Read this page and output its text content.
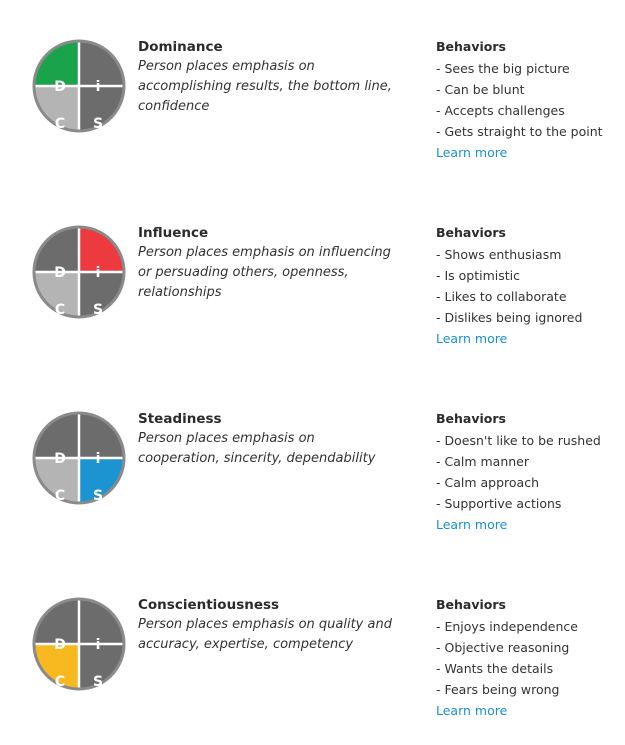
D i
C S
Dominance
Person places emphasis on accomplishing results, the bottom line, confidence
Behaviors
- Sees the big picture
- Can be blunt
- Accepts challenges
- Gets straight to the point
Learn more
D i
C S
Influence
Person places emphasis on influencing or persuading others, openness, relationships
Behaviors
- Shows enthusiasm
- Is optimistic
- Likes to collaborate
- Dislikes being ignored
Learn more
D i
C S
Steadiness
Person places emphasis on cooperation, sincerity, dependability
Behaviors
- Doesn't like to be rushed
- Calm manner
- Calm approach
- Supportive actions
Learn more
D i
C S
Conscientiousness
Person places emphasis on quality and accuracy, expertise, competency
Behaviors
- Enjoys independence
- Objective reasoning
- Wants the details
- Fears being wrong
Learn more
